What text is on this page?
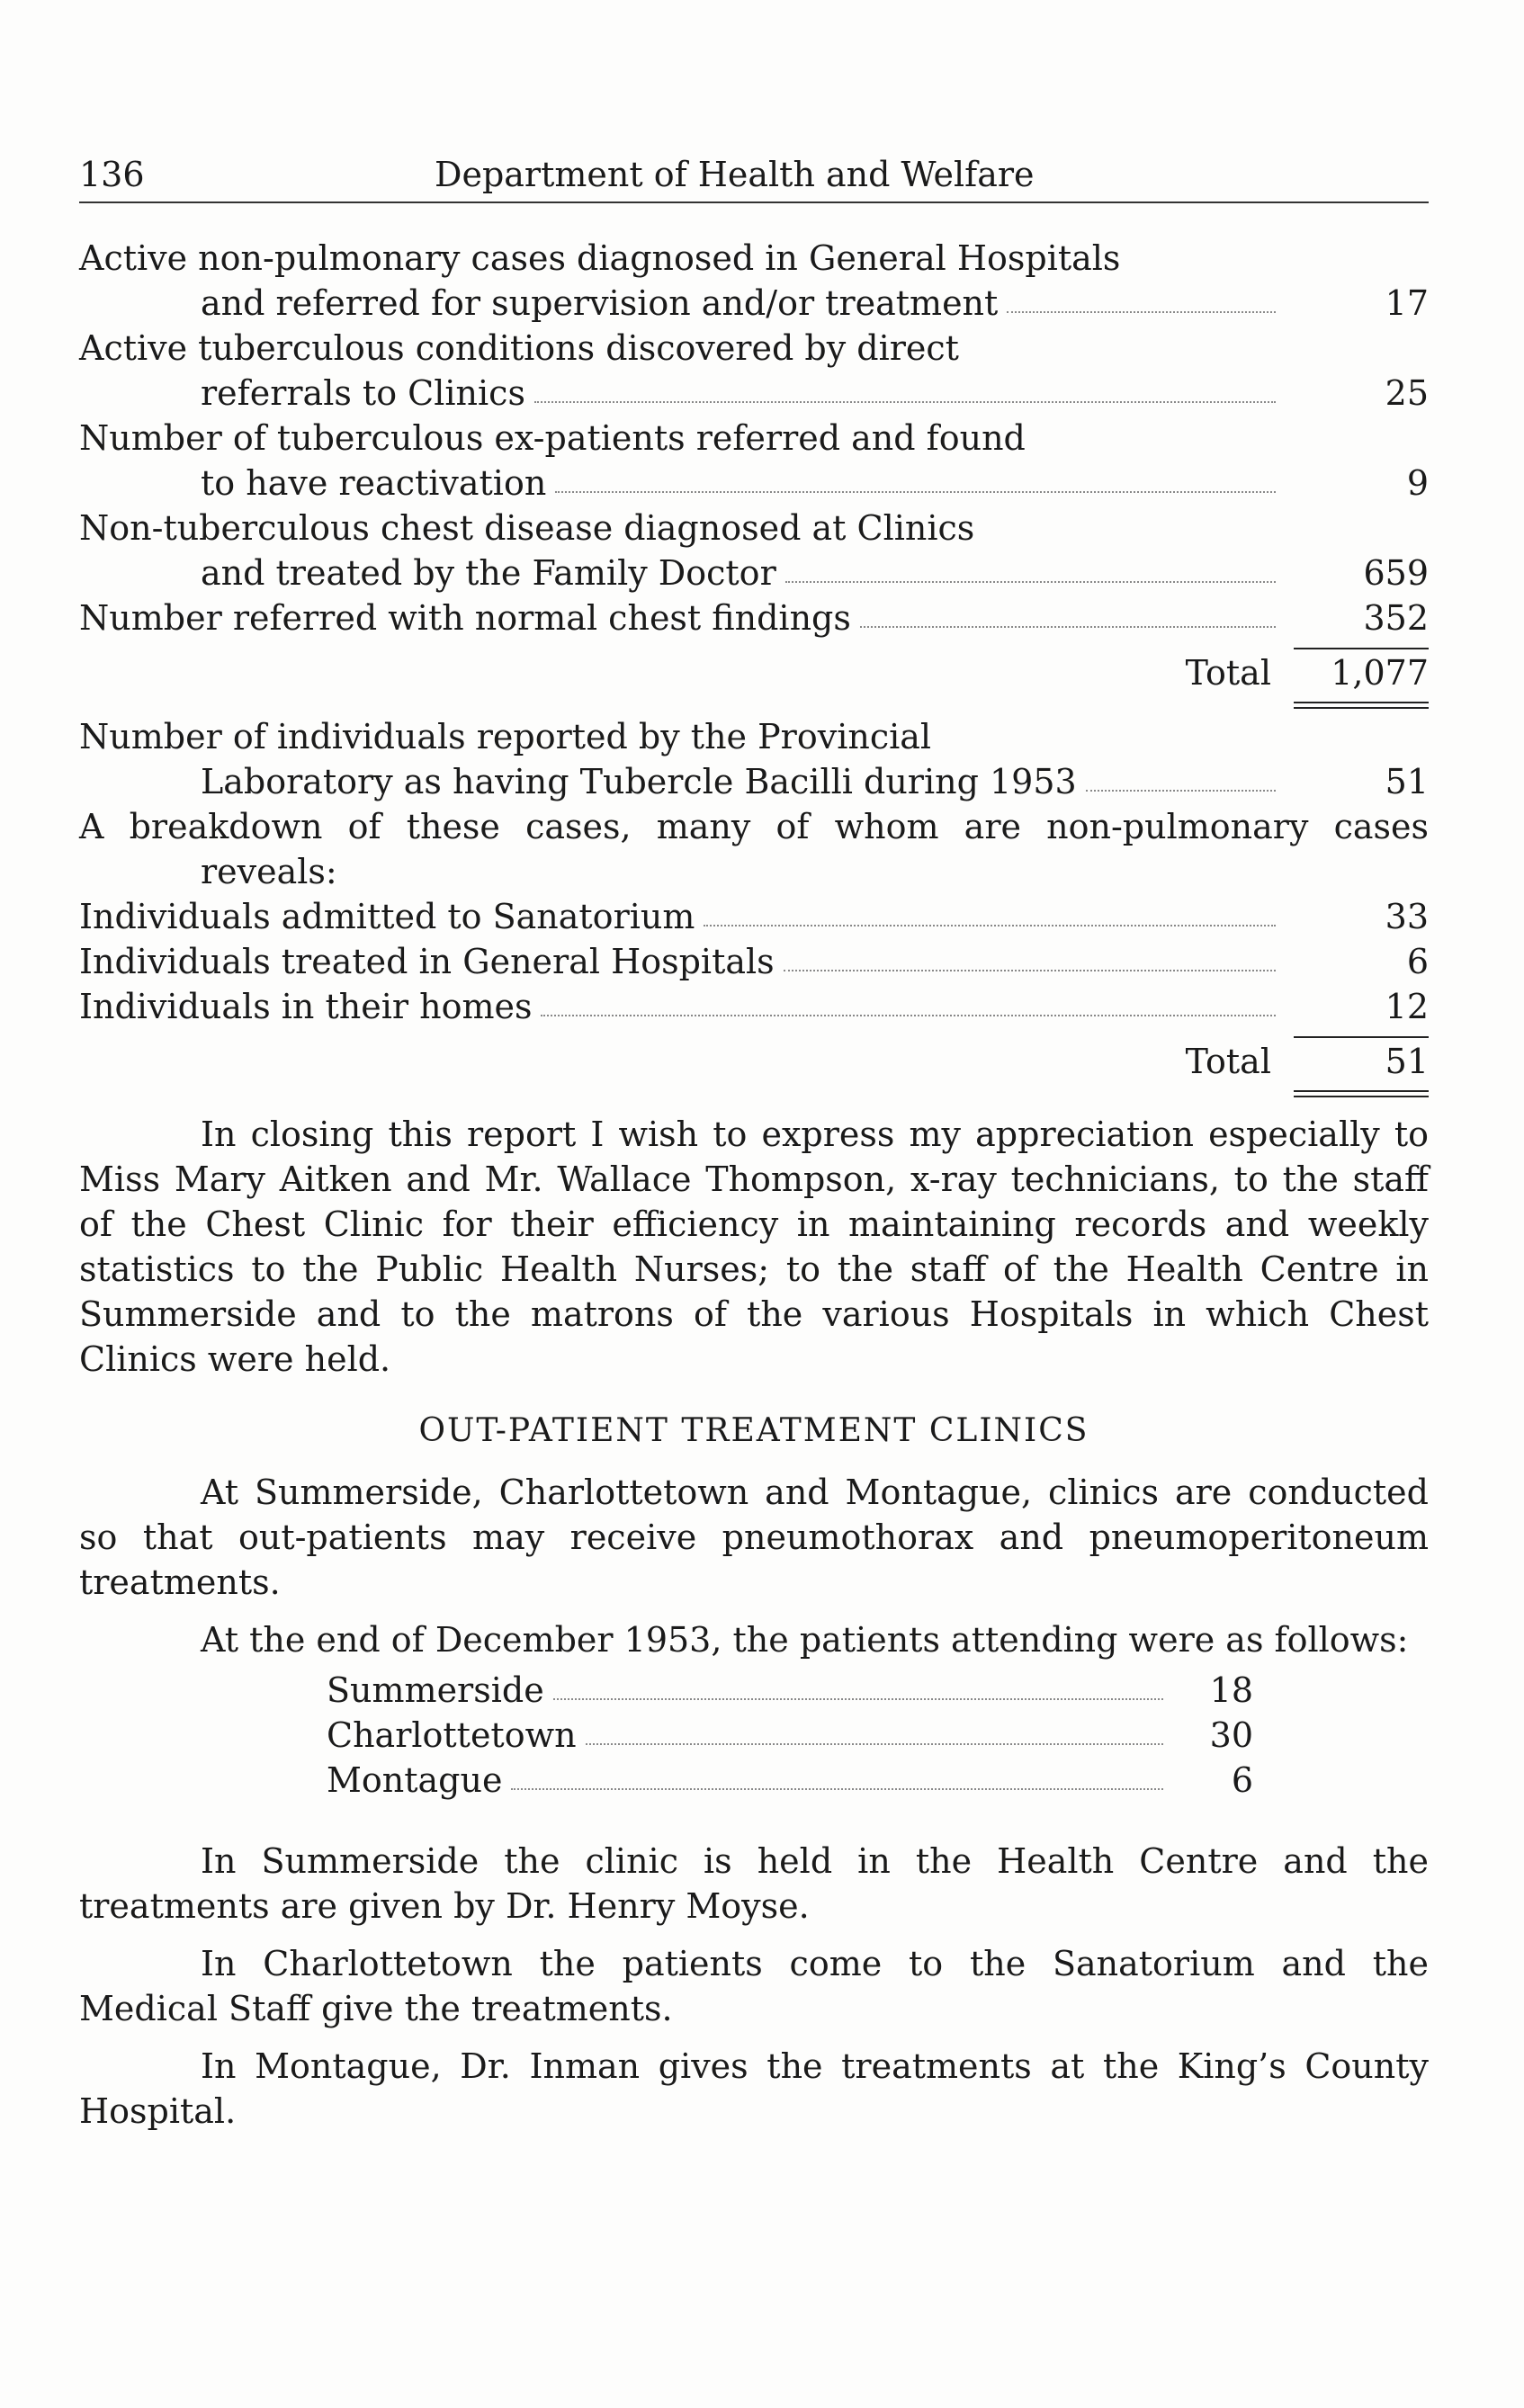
136	Department of Health and Welfare
Active non-pulmonary cases diagnosed in General Hospitals
and referred for supervision and/or treatment	17
Active tuberculous conditions discovered by direct
referrals to Clinics	25
Number of tuberculous ex-patients referred and found
to have reactivation	9
Non-tuberculous chest disease diagnosed at Clinics
and treated by the Family Doctor	659
Number referred with normal chest findings	352
Total 1,077
Number of individuals reported by the Provincial
Laboratory as having Tubercle Bacilli during 1953	51
A breakdown of these cases, many of whom are non-pulmonary cases
reveals:
Individuals admitted to Sanatorium	33
Individuals treated in General Hospitals	6
Individuals in their homes	12
Total	51

In closing this report I wish to express my appreciation especially to Miss Mary Aitken and Mr. Wallace Thompson, x-ray technicians, to the staff of the Chest Clinic for their efficiency in maintaining records and weekly statistics to the Public Health Nurses; to the staff of the Health Centre in Summerside and to the matrons of the various Hospitals in which Chest Clinics were held.

OUT-PATIENT TREATMENT CLINICS

At Summerside, Charlottetown and Montague, clinics are conducted so that out-patients may receive pneumothorax and pneumoperitoneum treatments.

At the end of December 1953, the patients attending were as follows:

Summerside	18
Charlottetown	30
Montague	6

In Summerside the clinic is held in the Health Centre and the treatments are given by Dr. Henry Moyse.

In Charlottetown the patients come to the Sanatorium and the Medical Staff give the treatments.

In Montague, Dr. Inman gives the treatments at the King’s County Hospital.
